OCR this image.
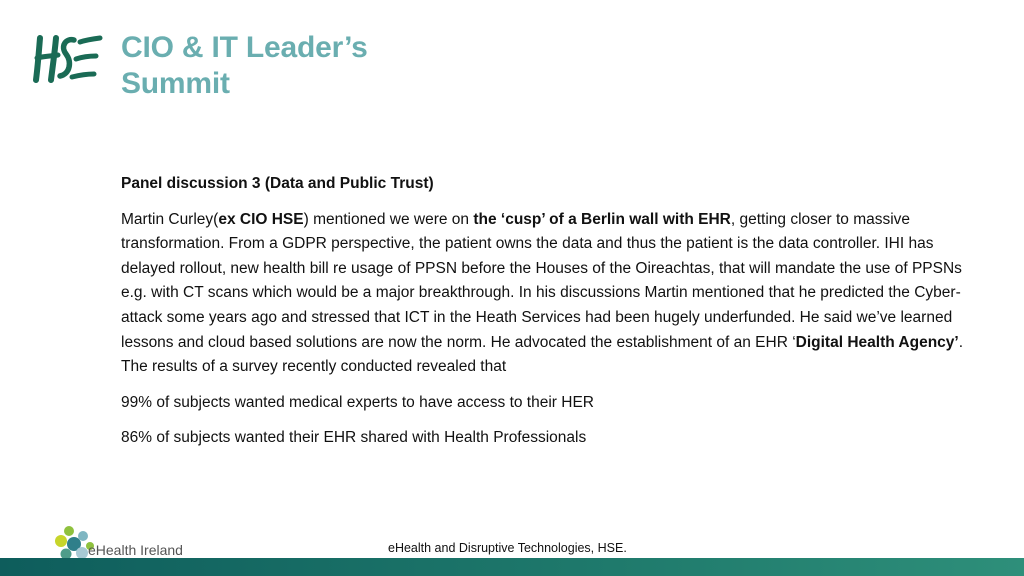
CIO & IT Leader’s
Summit

Panel discussion 3 (Data and Public Trust)

Martin Curley(ex CIO HSE) mentioned we were on the ‘cusp’ of a Berlin wall with EHR, getting closer to massive transformation. From a GDPR perspective, the patient owns the data and thus the patient is the data controller. IHI has delayed rollout, new health bill re usage of PPSN before the Houses of the Oireachtas, that will mandate the use of PPSNs e.g. with CT scans which would be a major breakthrough. In his discussions Martin mentioned that he predicted the Cyber-attack some years ago and stressed that ICT in the Heath Services had been hugely underfunded. He said we’ve learned lessons and cloud based solutions are now the norm. He advocated the establishment of an EHR ‘Digital Health Agency’. The results of a survey recently conducted revealed that

99% of subjects wanted medical experts to have access to their HER

86% of subjects wanted their EHR shared with Health Professionals

eHealth Ireland	eHealth and Disruptive Technologies, HSE.
